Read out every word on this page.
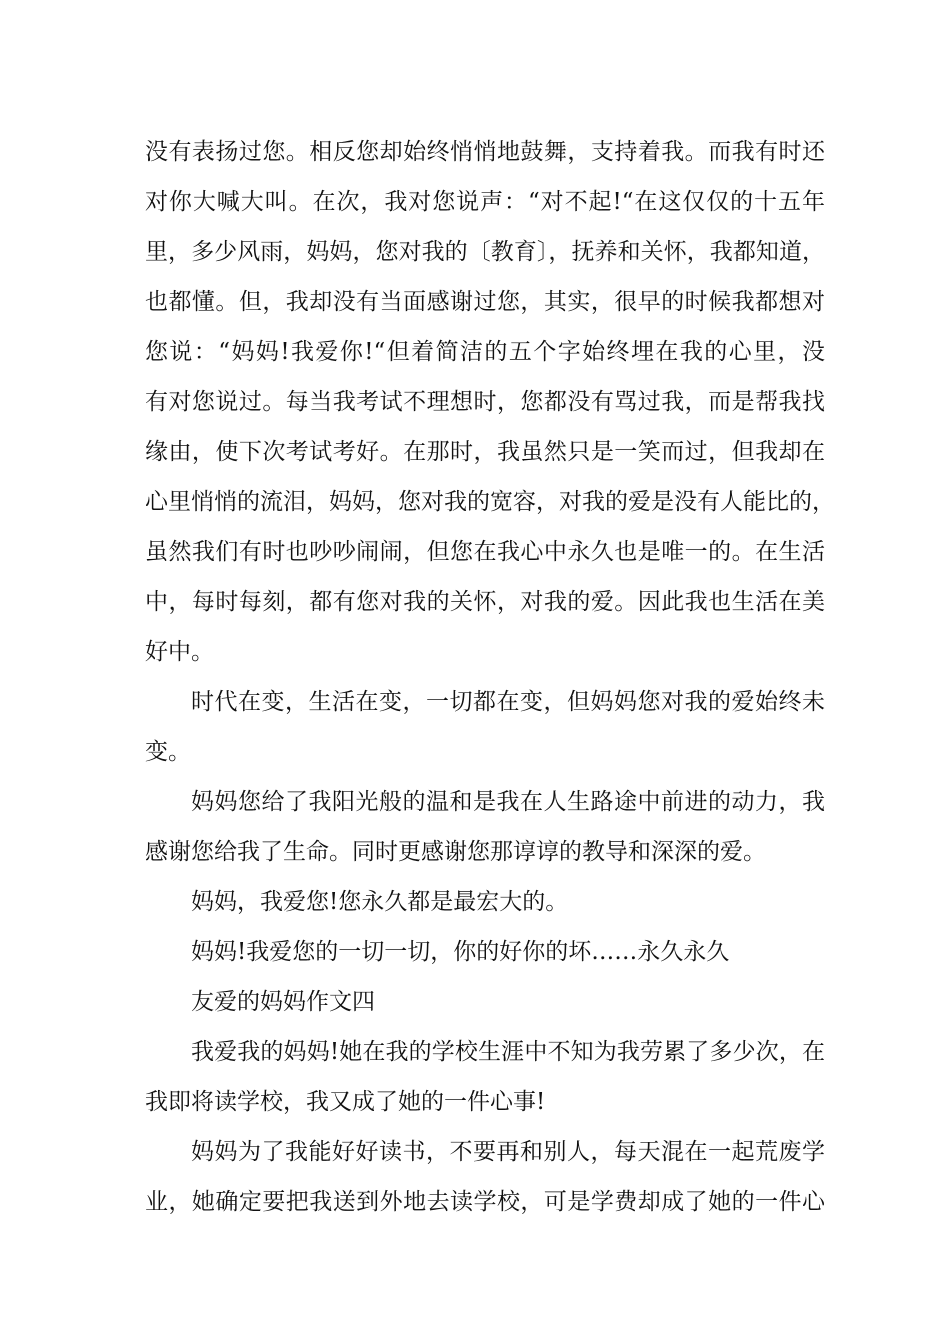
没有表扬过您。相反您却始终悄悄地鼓舞，支持着我。而我有时还
对你大喊大叫。在次，我对您说声：“对不起!“在这仅仅的十五年
里，多少风雨，妈妈，您对我的〔教育〕，抚养和关怀，我都知道，
也都懂。但，我却没有当面感谢过您，其实，很早的时候我都想对
您说：“妈妈!我爱你!“但着简洁的五个字始终埋在我的心里，没
有对您说过。每当我考试不理想时，您都没有骂过我，而是帮我找
缘由，使下次考试考好。在那时，我虽然只是一笑而过，但我却在
心里悄悄的流泪，妈妈，您对我的宽容，对我的爱是没有人能比的，
虽然我们有时也吵吵闹闹，但您在我心中永久也是唯一的。在生活
中，每时每刻，都有您对我的关怀，对我的爱。因此我也生活在美
好中。
时代在变，生活在变，一切都在变，但妈妈您对我的爱始终未
变。
妈妈您给了我阳光般的温和是我在人生路途中前进的动力，我
感谢您给我了生命。同时更感谢您那谆谆的教导和深深的爱。
妈妈，我爱您!您永久都是最宏大的。
妈妈!我爱您的一切一切，你的好你的坏……永久永久
友爱的妈妈作文四
我爱我的妈妈!她在我的学校生涯中不知为我劳累了多少次，在
我即将读学校，我又成了她的一件心事!
妈妈为了我能好好读书，不要再和别人，每天混在一起荒废学
业，她确定要把我送到外地去读学校，可是学费却成了她的一件心
